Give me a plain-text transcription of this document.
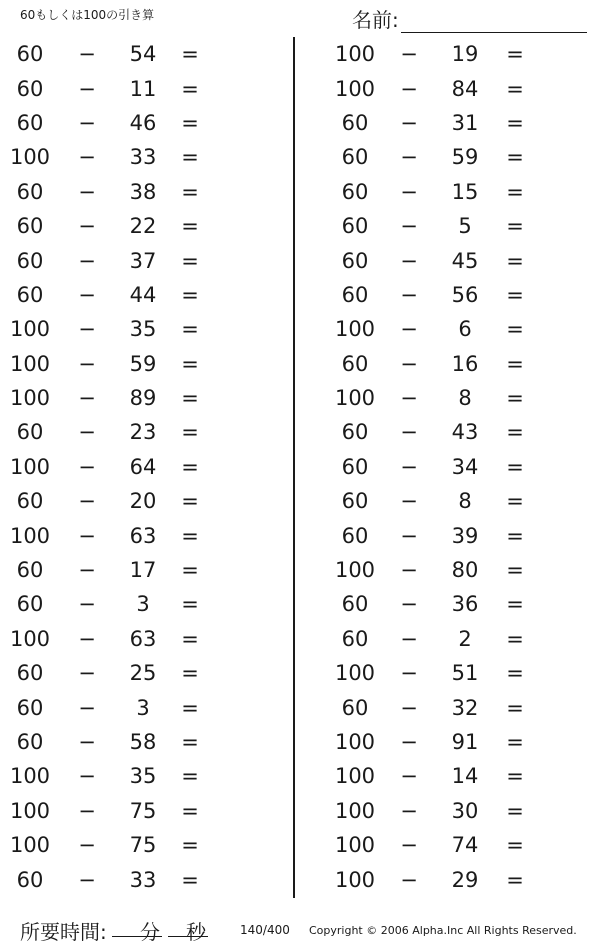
60もしくは100の引き算	名前:
60	−	54	=
60	−	11	=
60	−	46	=
100	−	33	=
60	−	38	=
60	−	22	=
60	−	37	=
60	−	44	=
100	−	35	=
100	−	59	=
100	−	89	=
60	−	23	=
100	−	64	=
60	−	20	=
100	−	63	=
60	−	17	=
60	−	3	=
100	−	63	=
60	−	25	=
60	−	3	=
60	−	58	=
100	−	35	=
100	−	75	=
100	−	75	=
60	−	33	=
100	−	19	=
100	−	84	=
60	−	31	=
60	−	59	=
60	−	15	=
60	−	5	=
60	−	45	=
60	−	56	=
100	−	6	=
60	−	16	=
100	−	8	=
60	−	43	=
60	−	34	=
60	−	8	=
60	−	39	=
100	−	80	=
60	−	36	=
60	−	2	=
100	−	51	=
60	−	32	=
100	−	91	=
100	−	14	=
100	−	30	=
100	−	74	=
100	−	29	=
所要時間: 分 秒	140/400 Copyright © 2006 Alpha.Inc All Rights Reserved.
